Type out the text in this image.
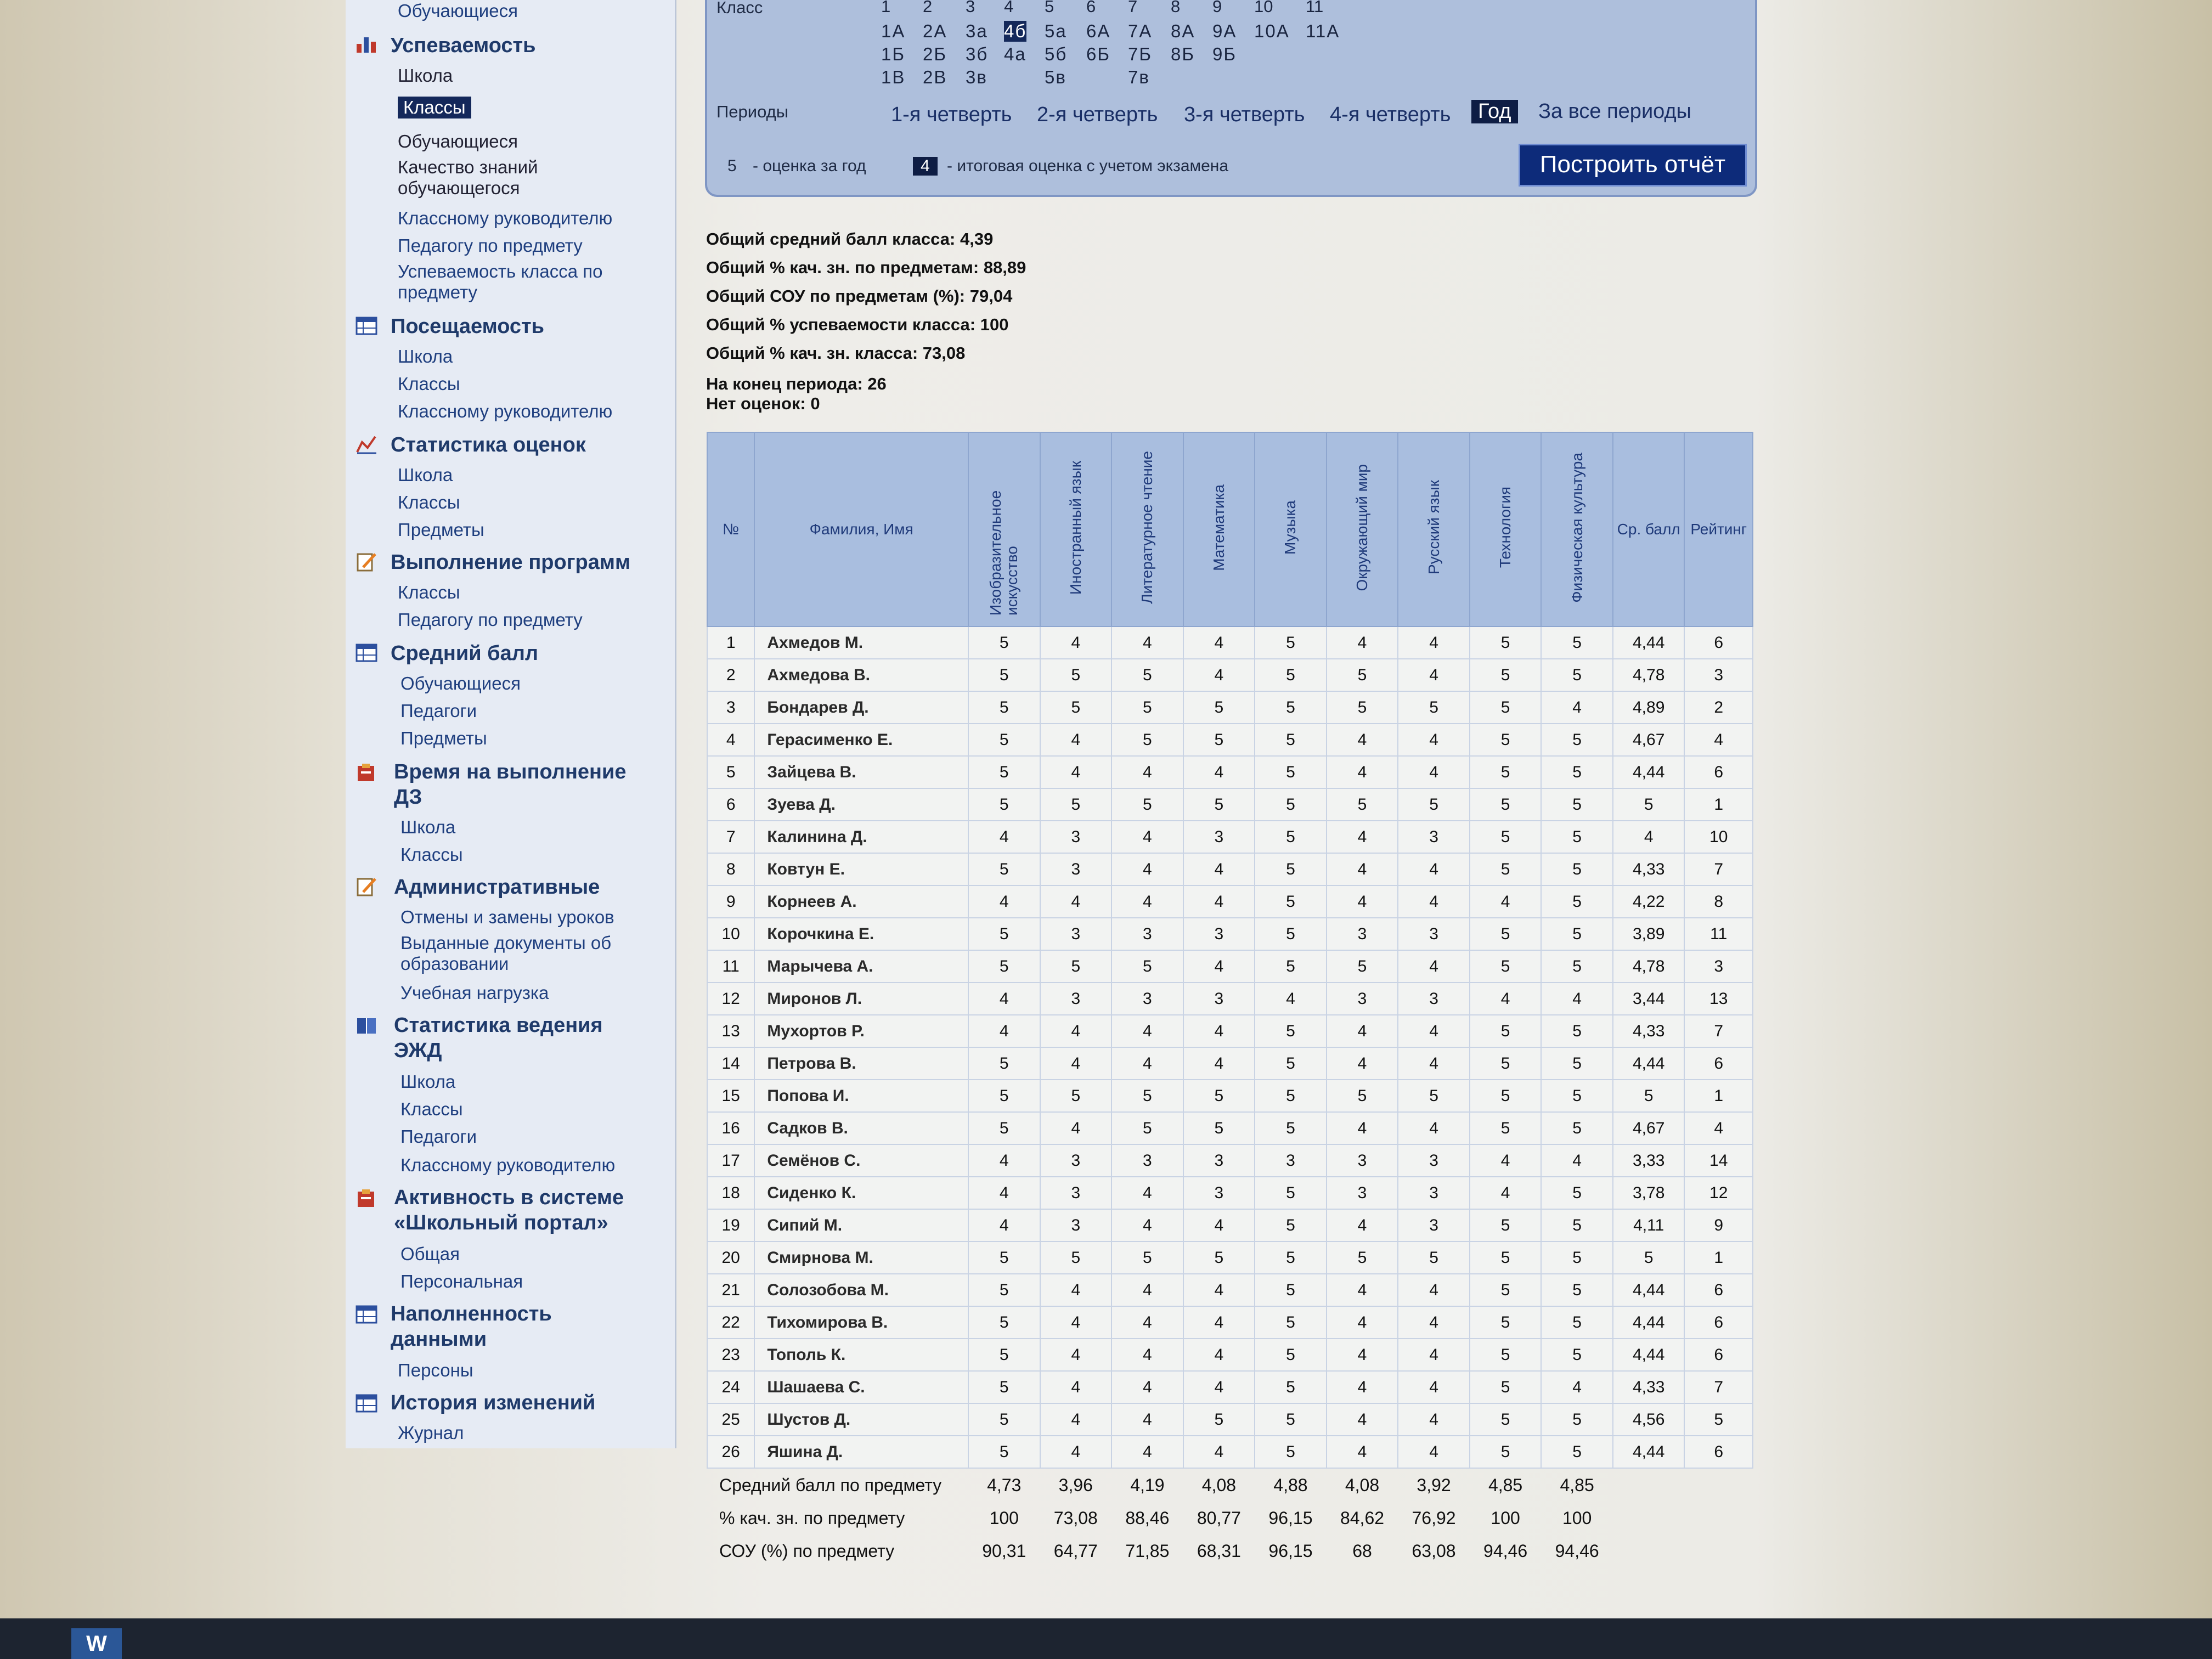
Обучающиеся
Успеваемость
Школа
Классы
Обучающиеся
Качество знаний обучающегося
Классному руководителю
Педагогу по предмету
Успеваемость класса по предмету
Посещаемость
Школа
Классы
Классному руководителю
Статистика оценок
Школа
Классы
Предметы
Выполнение программ
Классы
Педагогу по предмету
Средний балл
Обучающиеся
Педагоги
Предметы
Время на выполнение ДЗ
Школа
Классы
Административные
Отмены и замены уроков
Выданные документы об образовании
Учебная нагрузка
Статистика ведения ЭЖД
Школа
Классы
Педагоги
Классному руководителю
Активность в системе «Школьный портал»
Общая
Персональная
Наполненность данными
Персоны
История изменений
Журнал
Класс	1 2 3 4 5 6 7 8 9 10 11
1А 2А 3а 4б 5а 6А 7А 8А 9А 10А 11А
1Б 2Б 3б 4а 5б 6Б 7Б 8Б 9Б
1В 2В 3в	5в	7в
Периоды	1-я четверть 2-я четверть 3-я четверть 4-я четверть	Год	За все периоды
5 - оценка за год	4	- итоговая оценка с учетом экзамена	Построить отчёт
Общий средний балл класса: 4,39
Общий % кач. зн. по предметам: 88,89
Общий СОУ по предметам (%): 79,04
Общий % успеваемости класса: 100
Общий % кач. зн. класса: 73,08
На конец периода: 26
Нет оценок: 0
№	Фамилия, Имя	Изобразительное искусство	Иностранный язык	Литературное чтение	Математика	Музыка	Окружающий мир	Русский язык	Технология	Физическая культура	Ср. балл	Рейтинг
1	Ахмедов М.	5	4	4	4	5	4	4	5	5	4,44	6
2	Ахмедова В.	5	5	5	4	5	5	4	5	5	4,78	3
3	Бондарев Д.	5	5	5	5	5	5	5	5	4	4,89	2
4	Герасименко Е.	5	4	5	5	5	4	4	5	5	4,67	4
5	Зайцева В.	5	4	4	4	5	4	4	5	5	4,44	6
6	Зуева Д.	5	5	5	5	5	5	5	5	5	5	1
7	Калинина Д.	4	3	4	3	5	4	3	5	5	4	10
8	Ковтун Е.	5	3	4	4	5	4	4	5	5	4,33	7
9	Корнеев А.	4	4	4	4	5	4	4	4	5	4,22	8
10	Корочкина Е.	5	3	3	3	5	3	3	5	5	3,89	11
11	Марычева А.	5	5	5	4	5	5	4	5	5	4,78	3
12	Миронов Л.	4	3	3	3	4	3	3	4	4	3,44	13
13	Мухортов Р.	4	4	4	4	5	4	4	5	5	4,33	7
14	Петрова В.	5	4	4	4	5	4	4	5	5	4,44	6
15	Попова И.	5	5	5	5	5	5	5	5	5	5	1
16	Садков В.	5	4	5	5	5	4	4	5	5	4,67	4
17	Семёнов С.	4	3	3	3	3	3	3	4	4	3,33	14
18	Сиденко К.	4	3	4	3	5	3	3	4	5	3,78	12
19	Сипий М.	4	3	4	4	5	4	3	5	5	4,11	9
20	Смирнова М.	5	5	5	5	5	5	5	5	5	5	1
21	Солозобова М.	5	4	4	4	5	4	4	5	5	4,44	6
22	Тихомирова В.	5	4	4	4	5	4	4	5	5	4,44	6
23	Тополь К.	5	4	4	4	5	4	4	5	5	4,44	6
24	Шашаева С.	5	4	4	4	5	4	4	5	4	4,33	7
25	Шустов Д.	5	4	4	5	5	4	4	5	5	4,56	5
26	Яшина Д.	5	4	4	4	5	4	4	5	5	4,44	6
Средний балл по предмету		4,73	3,96	4,19	4,08	4,88	4,08	3,92	4,85	4,85		
% кач. зн. по предмету		100	73,08	88,46	80,77	96,15	84,62	76,92	100	100		
СОУ (%) по предмету		90,31	64,77	71,85	68,31	96,15	68	63,08	94,46	94,46		
W
